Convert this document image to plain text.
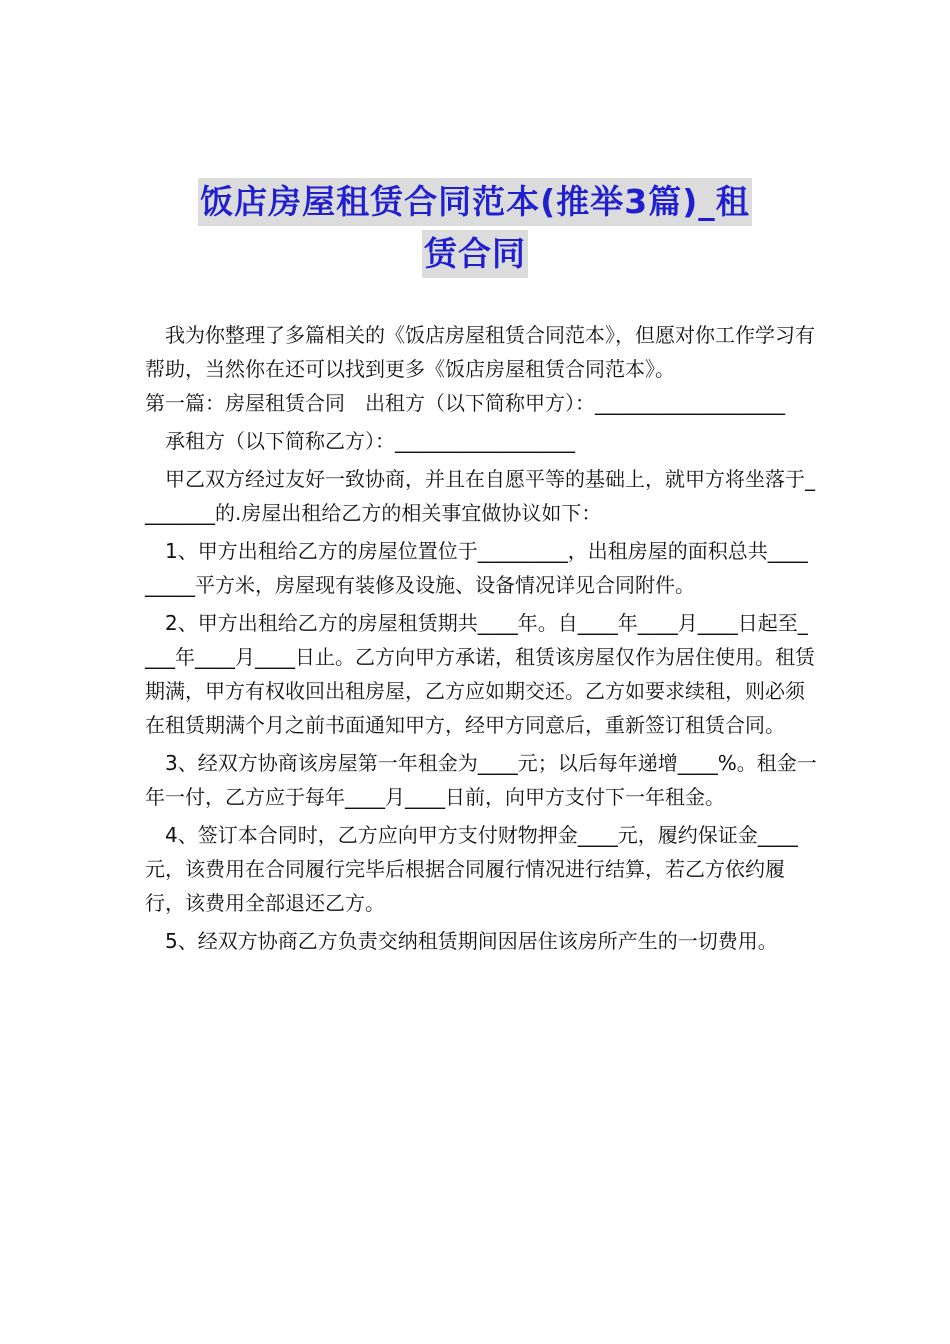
饭店房屋租赁合同范本(推举3篇)_租
赁合同

我为你整理了多篇相关的《饭店房屋租赁合同范本》，但愿对你工作学习有帮助，当然你在还可以找到更多《饭店房屋租赁合同范本》。

第一篇：房屋租赁合同　出租方（以下简称甲方）：___________________

承租方（以下简称乙方）：__________________

甲乙双方经过友好一致协商，并且在自愿平等的基础上，就甲方将坐落于________的.房屋出租给乙方的相关事宜做协议如下：

1、甲方出租给乙方的房屋位置位于_________，出租房屋的面积总共_________平方米，房屋现有装修及设施、设备情况详见合同附件。

2、甲方出租给乙方的房屋租赁期共____年。自____年____月____日起至____年____月____日止。乙方向甲方承诺，租赁该房屋仅作为居住使用。租赁期满，甲方有权收回出租房屋，乙方应如期交还。乙方如要求续租，则必须在租赁期满个月之前书面通知甲方，经甲方同意后，重新签订租赁合同。

3、经双方协商该房屋第一年租金为____元；以后每年递增____%。租金一年一付，乙方应于每年____月____日前，向甲方支付下一年租金。

4、签订本合同时，乙方应向甲方支付财物押金____元，履约保证金____元，该费用在合同履行完毕后根据合同履行情况进行结算，若乙方依约履行，该费用全部退还乙方。

5、经双方协商乙方负责交纳租赁期间因居住该房所产生的一切费用。
